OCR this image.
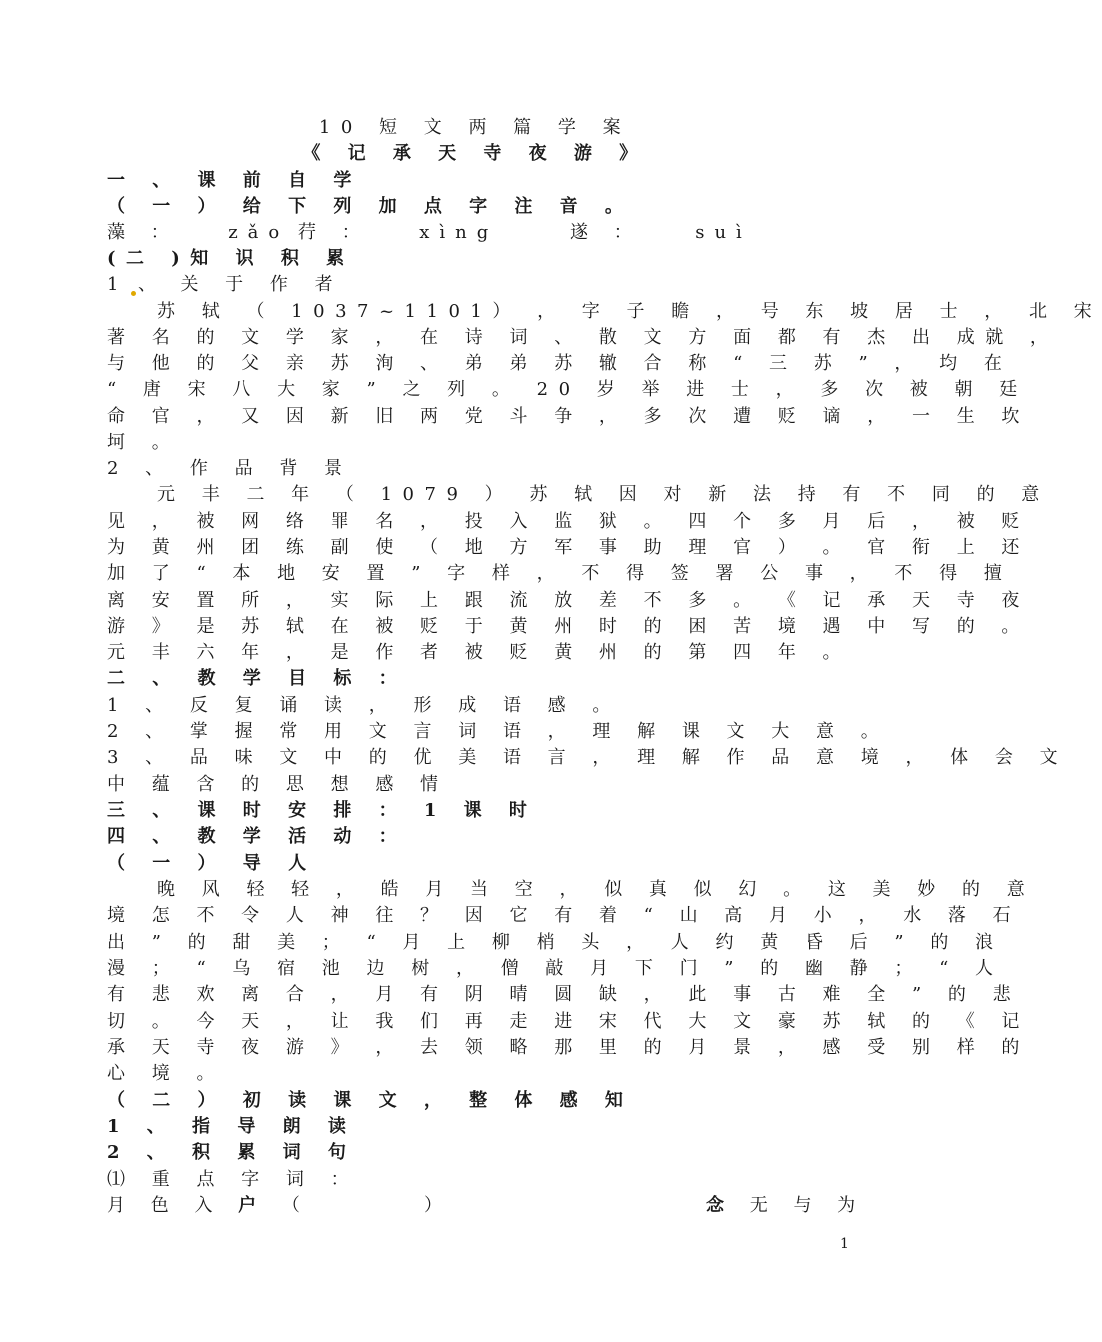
10 短 文 两 篇 学 案
《 记 承 天 寺 夜 游 》
一 、 课 前 自 学
（ 一 ） 给 下 列 加 点 字 注 音 。
藻 ：	zǎo 荇 ：	xìng	遂 ：	suì
(二 )知 识 积 累
1 、 关 于 作 者
苏 轼 （ 1037~1101） ， 字 子 瞻 ， 号 东 坡 居 士 ， 北 宋
著 名 的 文 学 家 ， 在 诗 词 、 散 文 方 面 都 有 杰 出 成就 ，
与 他 的 父 亲 苏 洵 、 弟 弟 苏 辙 合 称 “ 三 苏 ” ， 均 在
“ 唐 宋 八 大 家 ” 之 列 。 20 岁 举 进 士 ， 多 次 被 朝 廷
命 官 ， 又 因 新 旧 两 党 斗 争 ， 多 次 遭 贬 谪 ， 一 生 坎
坷 。
2 、 作 品 背 景
元 丰 二 年 （ 1079 ） 苏 轼 因 对 新 法 持 有 不 同 的 意
见 ， 被 网 络 罪 名 ， 投 入 监 狱 。 四 个 多 月 后 ， 被 贬
为 黄 州 团 练 副 使 （ 地 方 军 事 助 理 官 ） 。 官 衔 上 还
加 了 “ 本 地 安 置 ” 字 样 ， 不 得 签 署 公 事 ， 不 得 擅
离 安 置 所 ， 实 际 上 跟 流 放 差 不 多 。 《 记 承 天 寺 夜
游 》 是 苏 轼 在 被 贬 于 黄 州 时 的 困 苦 境 遇 中 写 的 。
元 丰 六 年 ， 是 作 者 被 贬 黄 州 的 第 四 年 。
二 、 教 学 目 标 ：
1 、 反 复 诵 读 ， 形 成 语 感 。
2 、 掌 握 常 用 文 言 词 语 ， 理 解 课 文 大 意 。
3 、 品 味 文 中 的 优 美 语 言 ， 理 解 作 品 意 境 ， 体 会 文
中 蕴 含 的 思 想 感 情
三 、 课 时 安 排 ： 1 课 时
四 、 教 学 活 动 ：
（ 一 ） 导 人
晚 风 轻 轻 ， 皓 月 当 空 ， 似 真 似 幻 。 这 美 妙 的 意
境 怎 不 令 人 神 往 ？ 因 它 有 着 “ 山 高 月 小 ， 水 落 石
出 ” 的 甜 美 ； “ 月 上 柳 梢 头 ， 人 约 黄 昏 后 ” 的 浪
漫 ； “ 乌 宿 池 边 树 ， 僧 敲 月 下 门 ” 的 幽 静 ； “ 人
有 悲 欢 离 合 ， 月 有 阴 晴 圆 缺 ， 此 事 古 难 全 ” 的 悲
切 。 今 天 ， 让 我 们 再 走 进 宋 代 大 文 豪 苏 轼 的 《 记
承 天 寺 夜 游 》 ， 去 领 略 那 里 的 月 景 ， 感 受 别 样 的
心 境 。
（ 二 ） 初 读 课 文 ， 整 体 感 知
1 、 指 导 朗 读
2 、 积 累 词 句
⑴ 重 点 字 词 ：
月 色 入 户 （	）	念 无 与 为
1
